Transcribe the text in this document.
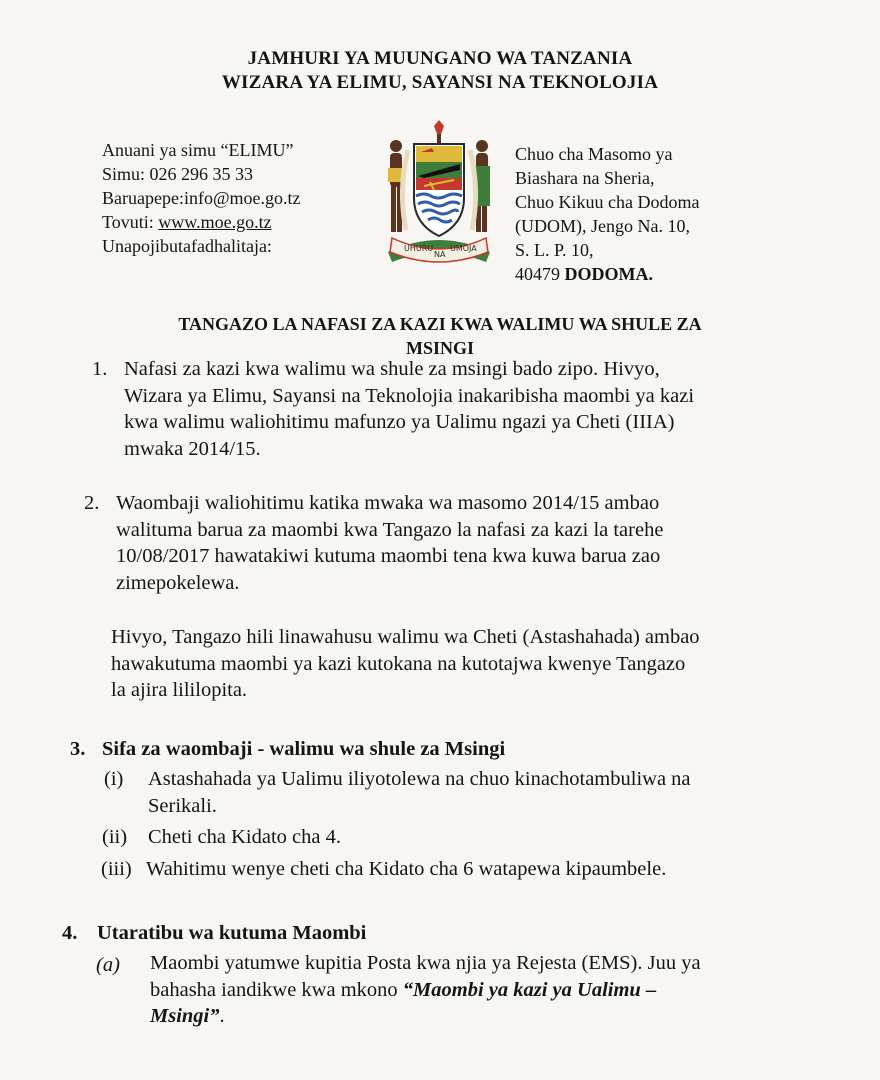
JAMHURI YA MUUNGANO WA TANZANIA
WIZARA YA ELIMU, SAYANSI NA TEKNOLOJIA
Anuani ya simu “ELIMU”
Simu: 026 296 35 33
Baruapepe:info@moe.go.tz
Tovuti: www.moe.go.tz
Unapojibutafadhalitaja:	UHURU
NA
UMOJA
Chuo cha Masomo ya
Biashara na Sheria,
Chuo Kikuu cha Dodoma
(UDOM), Jengo Na. 10,
S. L. P. 10,
40479 DODOMA.
TANGAZO LA NAFASI ZA KAZI KWA WALIMU WA SHULE ZA
MSINGI
1. Nafasi za kazi kwa walimu wa shule za msingi bado zipo. Hivyo,
Wizara ya Elimu, Sayansi na Teknolojia inakaribisha maombi ya kazi
kwa walimu waliohitimu mafunzo ya Ualimu ngazi ya Cheti (IIIA)
mwaka 2014/15.
2. Waombaji waliohitimu katika mwaka wa masomo 2014/15 ambao
walituma barua za maombi kwa Tangazo la nafasi za kazi la tarehe
10/08/2017 hawatakiwi kutuma maombi tena kwa kuwa barua zao
zimepokelewa.
Hivyo, Tangazo hili linawahusu walimu wa Cheti (Astashahada) ambao
hawakutuma maombi ya kazi kutokana na kutotajwa kwenye Tangazo
la ajira lililopita.
3. Sifa za waombaji - walimu wa shule za Msingi
(i) Astashahada ya Ualimu iliyotolewa na chuo kinachotambuliwa na
Serikali.
(ii) Cheti cha Kidato cha 4.
(iii) Wahitimu wenye cheti cha Kidato cha 6 watapewa kipaumbele.
4. Utaratibu wa kutuma Maombi
(a) Maombi yatumwe kupitia Posta kwa njia ya Rejesta (EMS). Juu ya
bahasha iandikwe kwa mkono “Maombi ya kazi ya Ualimu –
Msingi”.
